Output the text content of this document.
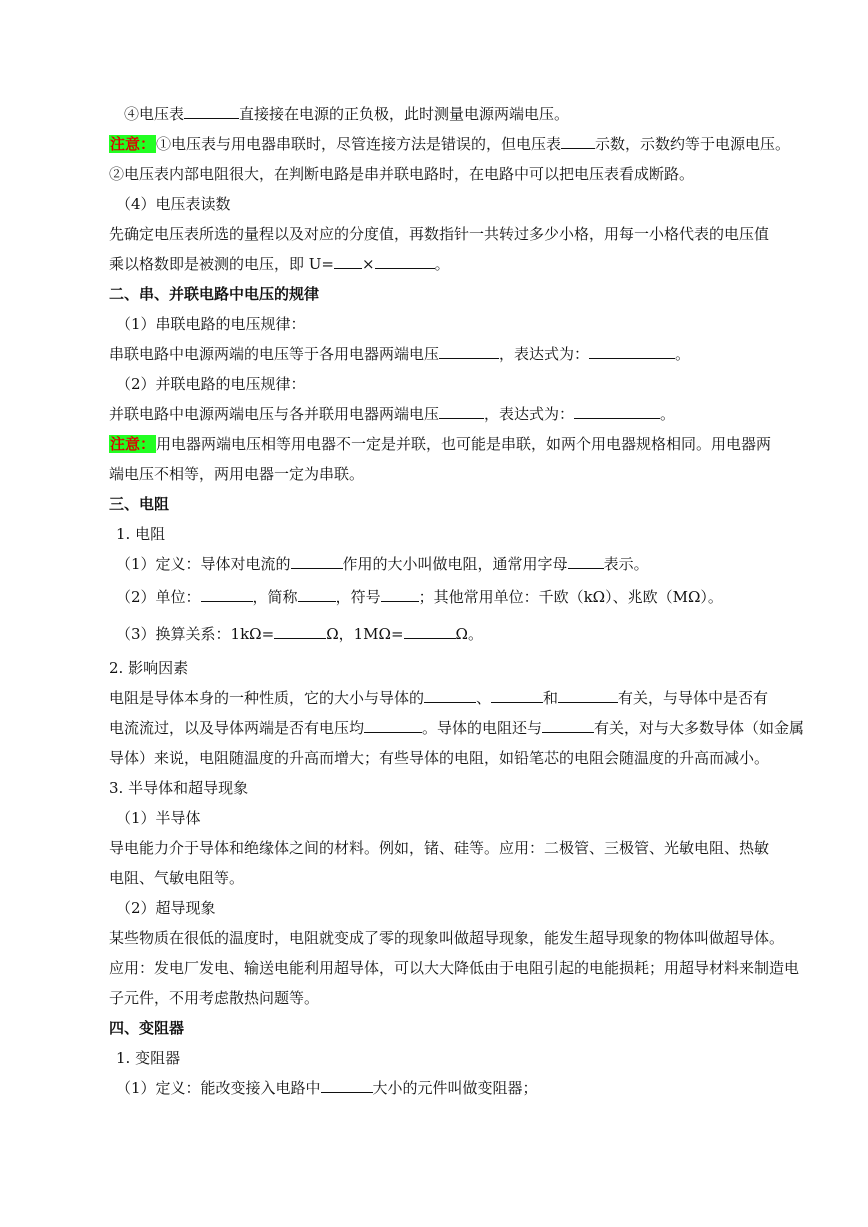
④电压表	直接接在电源的正负极，此时测量电源两端电压。
注意：①电压表与用电器串联时，尽管连接方法是错误的，但电压表 示数，示数约等于电源电压。
②电压表内部电阻很大，在判断电路是串并联电路时，在电路中可以把电压表看成断路。
（4）电压表读数
先确定电压表所选的量程以及对应的分度值，再数指针一共转过多少小格，用每一小格代表的电压值
乘以格数即是被测的电压，即 U= ×	。
二、串、并联电路中电压的规律
（1）串联电路的电压规律：
串联电路中电源两端的电压等于各用电器两端电压	，表达式为：	。
（2）并联电路的电压规律：
并联电路中电源两端电压与各并联用电器两端电压	，表达式为：	。
注意：用电器两端电压相等用电器不一定是并联，也可能是串联，如两个用电器规格相同。用电器两
端电压不相等，两用电器一定为串联。
三、电阻
1. 电阻
（1）定义：导体对电流的	作用的大小叫做电阻，通常用字母 表示。
（2）单位：	，简称	，符号	；其他常用单位：千欧（kΩ）、兆欧（MΩ）。
（3）换算关系：1kΩ=	Ω，1MΩ=	Ω。
2. 影响因素
电阻是导体本身的一种性质，它的大小与导体的	、	和	有关，与导体中是否有
电流流过，以及导体两端是否有电压均	。导体的电阻还与	有关，对与大多数导体（如金属
导体）来说，电阻随温度的升高而增大；有些导体的电阻，如铅笔芯的电阻会随温度的升高而减小。
3. 半导体和超导现象
（1）半导体
导电能力介于导体和绝缘体之间的材料。例如，锗、硅等。应用：二极管、三极管、光敏电阻、热敏
电阻、气敏电阻等。
（2）超导现象
某些物质在很低的温度时，电阻就变成了零的现象叫做超导现象，能发生超导现象的物体叫做超导体。
应用：发电厂发电、输送电能利用超导体，可以大大降低由于电阻引起的电能损耗；用超导材料来制造电
子元件，不用考虑散热问题等。
四、变阻器
1. 变阻器
（1）定义：能改变接入电路中	大小的元件叫做变阻器；
